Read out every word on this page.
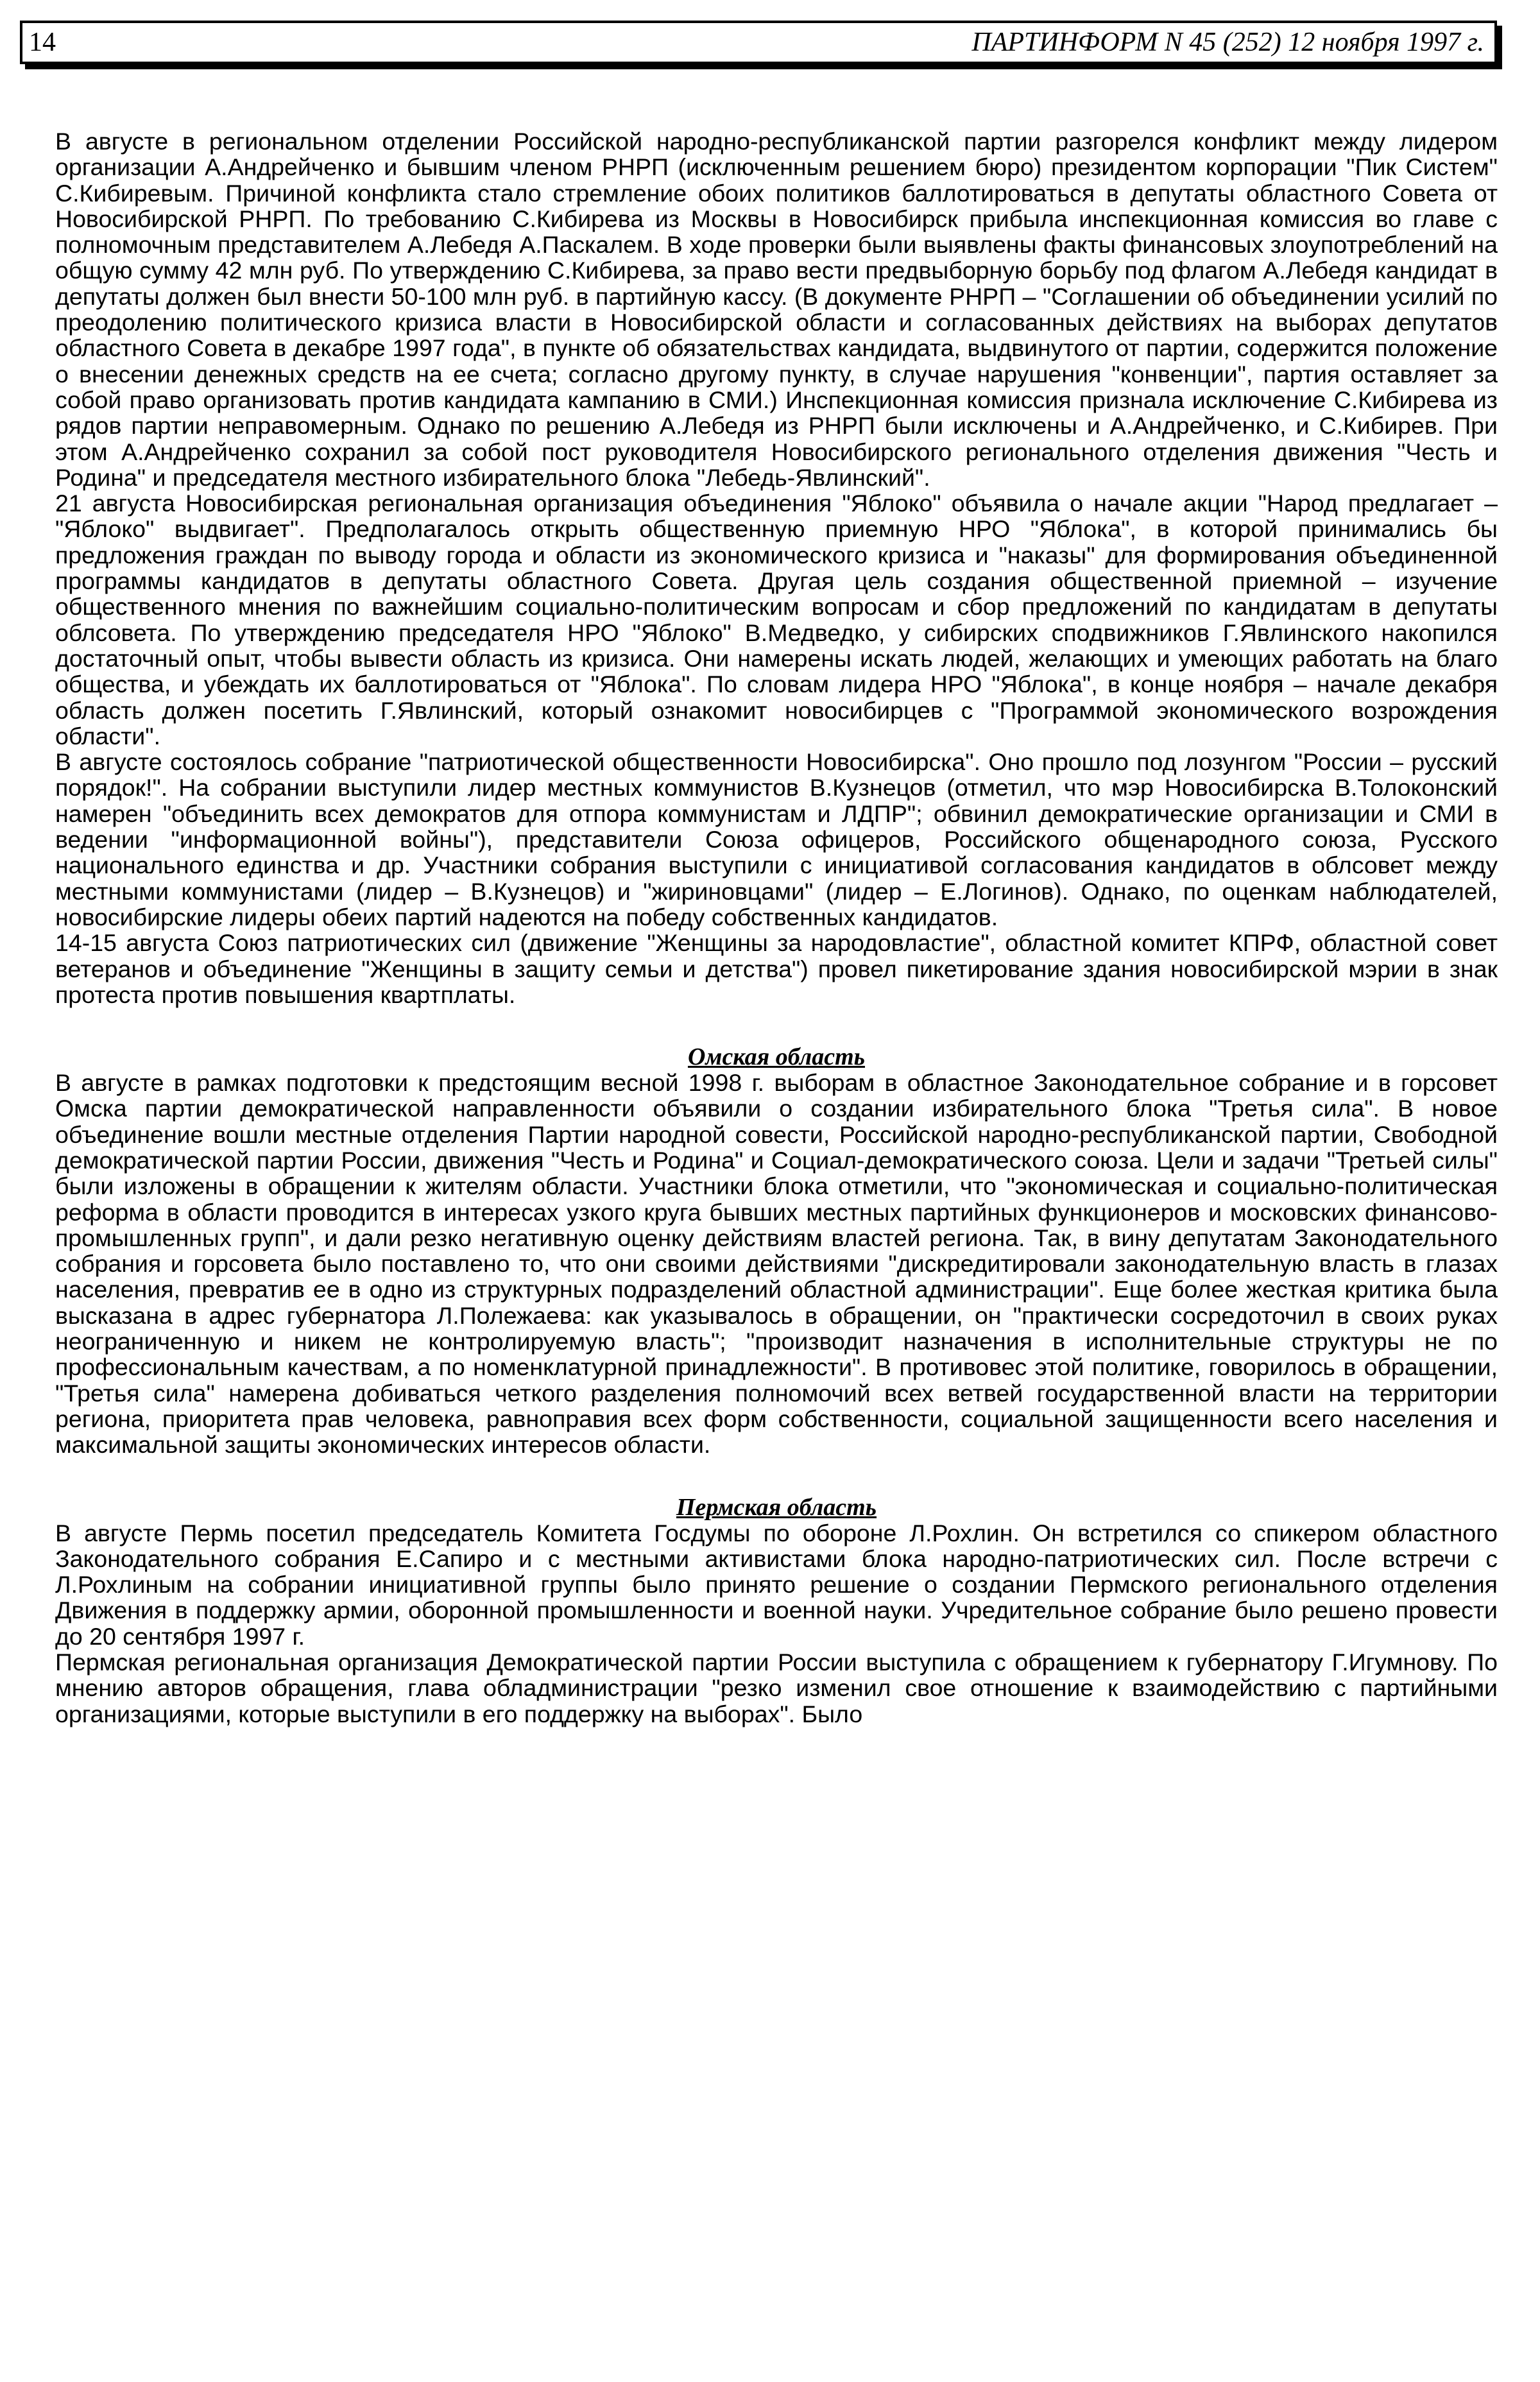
14	ПАРТИНФОРМ N 45 (252) 12 ноября 1997 г.

В августе в региональном отделении Российской народно-республиканской партии разгорелся конфликт между лидером организации А.Андрейченко и бывшим членом РНРП (исключенным решением бюро) президентом корпорации "Пик Систем" С.Кибиревым. Причиной конфликта стало стремление обоих политиков баллотироваться в депутаты областного Совета от Новосибирской РНРП. По требованию С.Кибирева из Москвы в Новосибирск прибыла инспекционная комиссия во главе с полномочным представителем А.Лебедя А.Паскалем. В ходе проверки были выявлены факты финансовых злоупотреблений на общую сумму 42 млн руб. По утверждению С.Кибирева, за право вести предвыборную борьбу под флагом А.Лебедя кандидат в депутаты должен был внести 50-100 млн руб. в партийную кассу. (В документе РНРП – "Соглашении об объединении усилий по преодолению политического кризиса власти в Новосибирской области и согласованных действиях на выборах депутатов областного Совета в декабре 1997 года", в пункте об обязательствах кандидата, выдвинутого от партии, содержится положение о внесении денежных средств на ее счета; согласно другому пункту, в случае нарушения "конвенции", партия оставляет за собой право организовать против кандидата кампанию в СМИ.) Инспекционная комиссия признала исключение С.Кибирева из рядов партии неправомерным. Однако по решению А.Лебедя из РНРП были исключены и А.Андрейченко, и С.Кибирев. При этом А.Андрейченко сохранил за собой пост руководителя Новосибирского регионального отделения движения "Честь и Родина" и председателя местного избирательного блока "Лебедь-Явлинский".

21 августа Новосибирская региональная организация объединения "Яблоко" объявила о начале акции "Народ предлагает – "Яблоко" выдвигает". Предполагалось открыть общественную приемную НРО "Яблока", в которой принимались бы предложения граждан по выводу города и области из экономического кризиса и "наказы" для формирования объединенной программы кандидатов в депутаты областного Совета. Другая цель создания общественной приемной – изучение общественного мнения по важнейшим социально-политическим вопросам и сбор предложений по кандидатам в депутаты облсовета. По утверждению председателя НРО "Яблоко" В.Медведко, у сибирских сподвижников Г.Явлинского накопился достаточный опыт, чтобы вывести область из кризиса. Они намерены искать людей, желающих и умеющих работать на благо общества, и убеждать их баллотироваться от "Яблока". По словам лидера НРО "Яблока", в конце ноября – начале декабря область должен посетить Г.Явлинский, который ознакомит новосибирцев с "Программой экономического возрождения области".

В августе состоялось собрание "патриотической общественности Новосибирска". Оно прошло под лозунгом "России – русский порядок!". На собрании выступили лидер местных коммунистов В.Кузнецов (отметил, что мэр Новосибирска В.Толоконский намерен "объединить всех демократов для отпора коммунистам и ЛДПР"; обвинил демократические организации и СМИ в ведении "информационной войны"), представители Союза офицеров, Российского общенародного союза, Русского национального единства и др. Участники собрания выступили с инициативой согласования кандидатов в облсовет между местными коммунистами (лидер – В.Кузнецов) и "жириновцами" (лидер – Е.Логинов). Однако, по оценкам наблюдателей, новосибирские лидеры обеих партий надеются на победу собственных кандидатов.

14-15 августа Союз патриотических сил (движение "Женщины за народовластие", областной комитет КПРФ, областной совет ветеранов и объединение "Женщины в защиту семьи и детства") провел пикетирование здания новосибирской мэрии в знак протеста против повышения квартплаты.

Омская область

В августе в рамках подготовки к предстоящим весной 1998 г. выборам в областное Законодательное собрание и в горсовет Омска партии демократической направленности объявили о создании избирательного блока "Третья сила". В новое объединение вошли местные отделения Партии народной совести, Российской народно-республиканской партии, Свободной демократической партии России, движения "Честь и Родина" и Социал-демократического союза. Цели и задачи "Третьей силы" были изложены в обращении к жителям области. Участники блока отметили, что "экономическая и социально-политическая реформа в области проводится в интересах узкого круга бывших местных партийных функционеров и московских финансово-промышленных групп", и дали резко негативную оценку действиям властей региона. Так, в вину депутатам Законодательного собрания и горсовета было поставлено то, что они своими действиями "дискредитировали законодательную власть в глазах населения, превратив ее в одно из структурных подразделений областной администрации". Еще более жесткая критика была высказана в адрес губернатора Л.Полежаева: как указывалось в обращении, он "практически сосредоточил в своих руках неограниченную и никем не контролируемую власть"; "производит назначения в исполнительные структуры не по профессиональным качествам, а по номенклатурной принадлежности". В противовес этой политике, говорилось в обращении, "Третья сила" намерена добиваться четкого разделения полномочий всех ветвей государственной власти на территории региона, приоритета прав человека, равноправия всех форм собственности, социальной защищенности всего населения и максимальной защиты экономических интересов области.

Пермская область

В августе Пермь посетил председатель Комитета Госдумы по обороне Л.Рохлин. Он встретился со спикером областного Законодательного собрания Е.Сапиро и с местными активистами блока народно-патриотических сил. После встречи с Л.Рохлиным на собрании инициативной группы было принято решение о создании Пермского регионального отделения Движения в поддержку армии, оборонной промышленности и военной науки. Учредительное собрание было решено провести до 20 сентября 1997 г.

Пермская региональная организация Демократической партии России выступила с обращением к губернатору Г.Игумнову. По мнению авторов обращения, глава обладминистрации "резко изменил свое отношение к взаимодействию с партийными организациями, которые выступили в его поддержку на выборах". Было
